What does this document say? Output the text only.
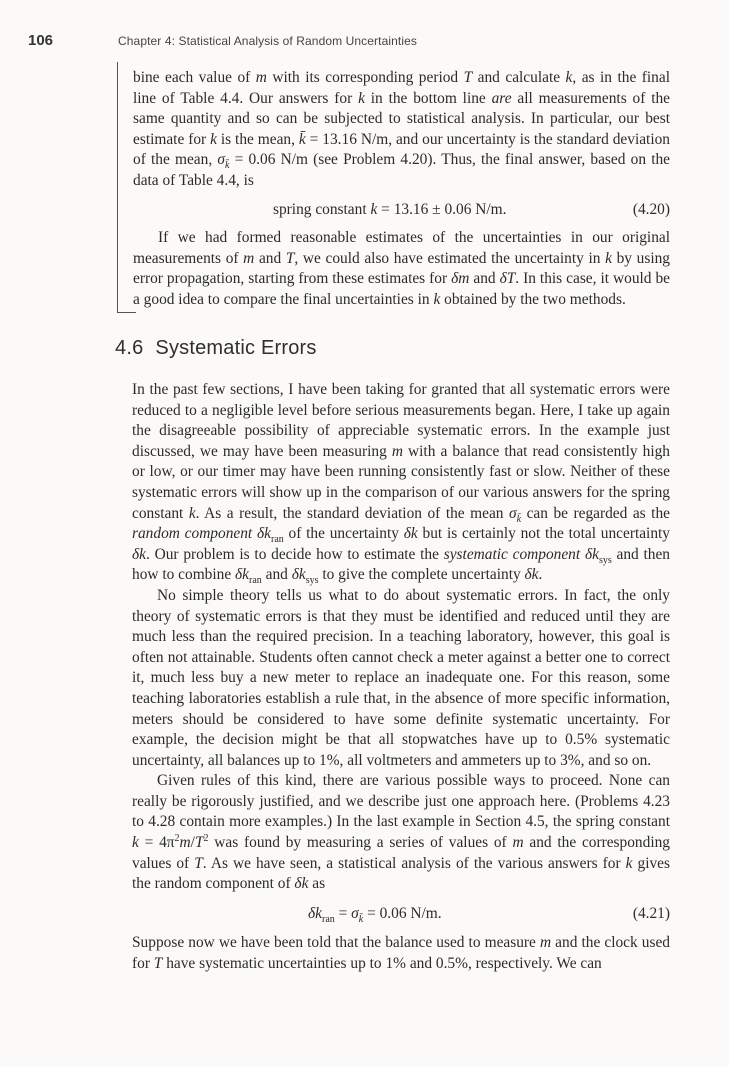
106	Chapter 4: Statistical Analysis of Random Uncertainties

bine each value of m with its corresponding period T and calculate k, as in the final line of Table 4.4. Our answers for k in the bottom line are all measurements of the same quantity and so can be subjected to statistical analysis. In particular, our best estimate for k is the mean, k̄ = 13.16 N/m, and our uncertainty is the standard deviation of the mean, $\sigma_{k̄} = 0.06$ N/m (see Problem 4.20). Thus, the final answer, based on the data of Table 4.4, is

spring constant k = 13.16 ± 0.06 N/m.	(4.20)

If we had formed reasonable estimates of the uncertainties in our original measurements of m and T, we could also have estimated the uncertainty in k by using error propagation, starting from these estimates for δm and δT. In this case, it would be a good idea to compare the final uncertainties in k obtained by the two methods.

4.6 Systematic Errors

In the past few sections, I have been taking for granted that all systematic errors were reduced to a negligible level before serious measurements began. Here, I take up again the disagreeable possibility of appreciable systematic errors. In the example just discussed, we may have been measuring m with a balance that read consistently high or low, or our timer may have been running consistently fast or slow. Neither of these systematic errors will show up in the comparison of our various answers for the spring constant k. As a result, the standard deviation of the mean $\sigma_{k̄}$ can be regarded as the random component $\delta k_{ran}$ of the uncertainty δk but is certainly not the total uncertainty δk. Our problem is to decide how to estimate the systematic component $\delta k_{sys}$ and then how to combine $\delta k_{ran}$ and $\delta k_{sys}$ to give the complete uncertainty δk.

No simple theory tells us what to do about systematic errors. In fact, the only theory of systematic errors is that they must be identified and reduced until they are much less than the required precision. In a teaching laboratory, however, this goal is often not attainable. Students often cannot check a meter against a better one to correct it, much less buy a new meter to replace an inadequate one. For this reason, some teaching laboratories establish a rule that, in the absence of more specific information, meters should be considered to have some definite systematic uncertainty. For example, the decision might be that all stopwatches have up to 0.5% systematic uncertainty, all balances up to 1%, all voltmeters and ammeters up to 3%, and so on.

Given rules of this kind, there are various possible ways to proceed. None can really be rigorously justified, and we describe just one approach here. (Problems 4.23 to 4.28 contain more examples.) In the last example in Section 4.5, the spring constant $k = 4\pi^2m/T^2$ was found by measuring a series of values of m and the corresponding values of T. As we have seen, a statistical analysis of the various answers for k gives the random component of δk as

$\delta k_{ran} = \sigma_{k̄} = 0.06$ N/m.	(4.21)

Suppose now we have been told that the balance used to measure m and the clock used for T have systematic uncertainties up to 1% and 0.5%, respectively. We can
